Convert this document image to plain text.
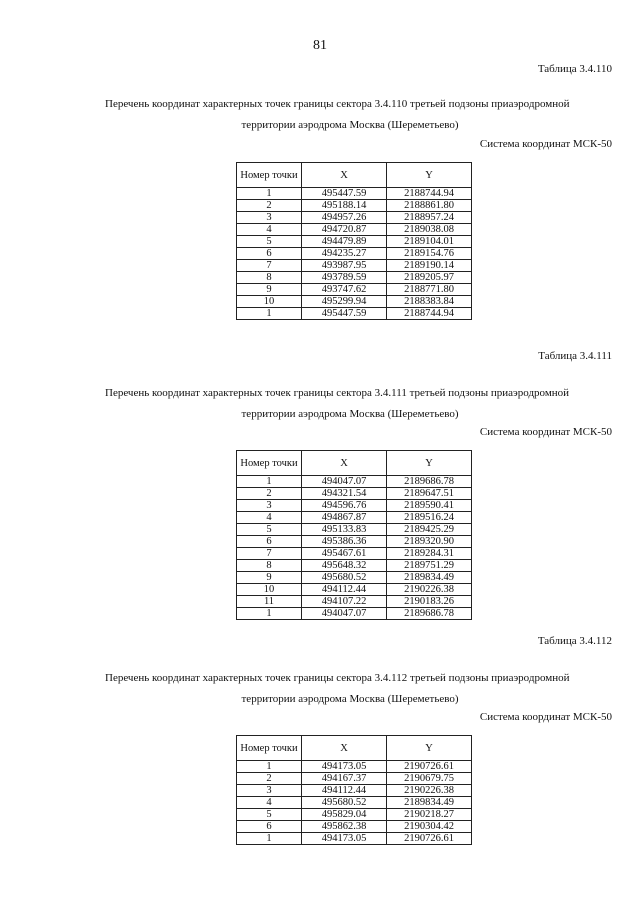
81
Таблица 3.4.110
Перечень координат характерных точек границы сектора 3.4.110 третьей подзоны приаэродромной
территории аэродрома Москва (Шереметьево)
Система координат МСК-50
Номер точки	X	Y
1	495447.59	2188744.94
2	495188.14	2188861.80
3	494957.26	2188957.24
4	494720.87	2189038.08
5	494479.89	2189104.01
6	494235.27	2189154.76
7	493987.95	2189190.14
8	493789.59	2189205.97
9	493747.62	2188771.80
10	495299.94	2188383.84
1	495447.59	2188744.94
Таблица 3.4.111
Перечень координат характерных точек границы сектора 3.4.111 третьей подзоны приаэродромной
территории аэродрома Москва (Шереметьево)
Система координат МСК-50
Номер точки	X	Y
1	494047.07	2189686.78
2	494321.54	2189647.51
3	494596.76	2189590.41
4	494867.87	2189516.24
5	495133.83	2189425.29
6	495386.36	2189320.90
7	495467.61	2189284.31
8	495648.32	2189751.29
9	495680.52	2189834.49
10	494112.44	2190226.38
11	494107.22	2190183.26
1	494047.07	2189686.78
Таблица 3.4.112
Перечень координат характерных точек границы сектора 3.4.112 третьей подзоны приаэродромной
территории аэродрома Москва (Шереметьево)
Система координат МСК-50
Номер точки	X	Y
1	494173.05	2190726.61
2	494167.37	2190679.75
3	494112.44	2190226.38
4	495680.52	2189834.49
5	495829.04	2190218.27
6	495862.38	2190304.42
1	494173.05	2190726.61
